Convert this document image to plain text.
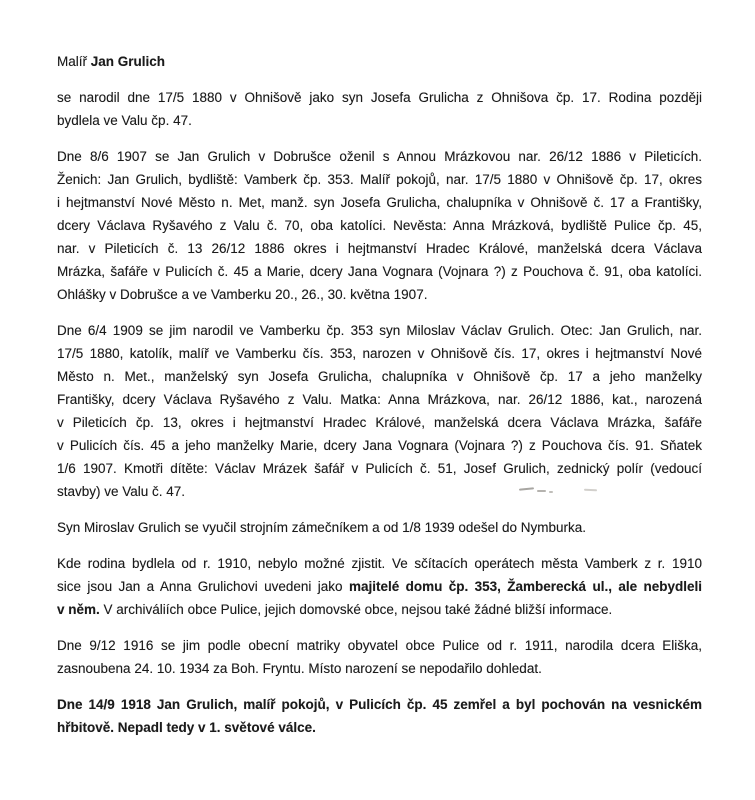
Malíř Jan Grulich
se narodil dne 17/5 1880 v Ohnišově jako syn Josefa Grulicha z Ohnišova čp. 17. Rodina později
bydlela ve Valu čp. 47.
Dne 8/6 1907 se Jan Grulich v Dobrušce oženil s Annou Mrázkovou nar. 26/12 1886 v Pileticích.
Ženich: Jan Grulich, bydliště: Vamberk čp. 353. Malíř pokojů, nar. 17/5 1880 v Ohnišově čp. 17, okres
i hejtmanství Nové Město n. Met, manž. syn Josefa Grulicha, chalupníka v Ohnišově č. 17 a Františky,
dcery Václava Ryšavého z Valu č. 70, oba katolíci. Nevěsta: Anna Mrázková, bydliště Pulice čp. 45,
nar. v Pileticích č. 13 26/12 1886 okres i hejtmanství Hradec Králové, manželská dcera Václava
Mrázka, šafáře v Pulicích č. 45 a Marie, dcery Jana Vognara (Vojnara ?) z Pouchova č. 91, oba katolíci.
Ohlášky v Dobrušce a ve Vamberku 20., 26., 30. května 1907.
Dne 6/4 1909 se jim narodil ve Vamberku čp. 353 syn Miloslav Václav Grulich. Otec: Jan Grulich, nar.
17/5 1880, katolík, malíř ve Vamberku čís. 353, narozen v Ohnišově čís. 17, okres i hejtmanství Nové
Město n. Met., manželský syn Josefa Grulicha, chalupníka v Ohnišově čp. 17 a jeho manželky
Františky, dcery Václava Ryšavého z Valu. Matka: Anna Mrázkova, nar. 26/12 1886, kat., narozená
v Pileticích čp. 13, okres i hejtmanství Hradec Králové, manželská dcera Václava Mrázka, šafáře
v Pulicích čís. 45 a jeho manželky Marie, dcery Jana Vognara (Vojnara ?) z Pouchova čís. 91. Sňatek
1/6 1907. Kmotři dítěte: Václav Mrázek šafář v Pulicích č. 51, Josef Grulich, zednický polír (vedoucí
stavby) ve Valu č. 47.
Syn Miroslav Grulich se vyučil strojním zámečníkem a od 1/8 1939 odešel do Nymburka.
Kde rodina bydlela od r. 1910, nebylo možné zjistit. Ve sčítacích operátech města Vamberk z r. 1910
sice jsou Jan a Anna Grulichovi uvedeni jako majitelé domu čp. 353, Žamberecká ul., ale nebydleli
v něm. V archiváliích obce Pulice, jejich domovské obce, nejsou také žádné bližší informace.
Dne 9/12 1916 se jim podle obecní matriky obyvatel obce Pulice od r. 1911, narodila dcera Eliška,
zasnoubena 24. 10. 1934 za Boh. Fryntu. Místo narození se nepodařilo dohledat.
Dne 14/9 1918 Jan Grulich, malíř pokojů, v Pulicích čp. 45 zemřel a byl pochován na vesnickém
hřbitově. Nepadl tedy v 1. světové válce.
